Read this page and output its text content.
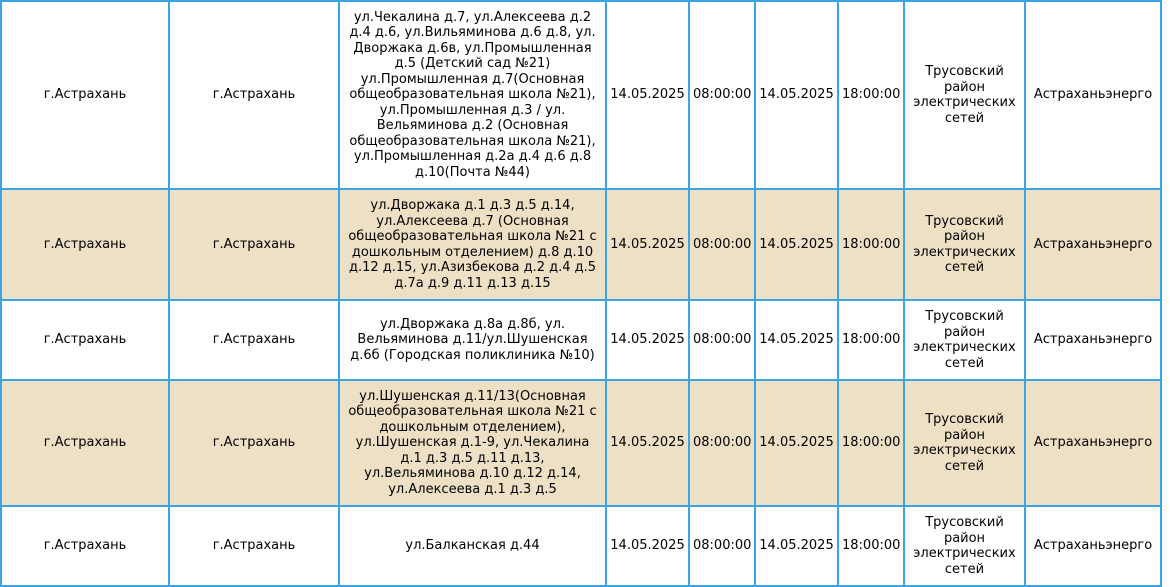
г.Астрахань	г.Астрахань	ул.Чекалина д.7, ул.Алексеева д.2 д.4 д.6, ул.Вильяминова д.6 д.8, ул. Дворжака д.6в, ул.Промышленная д.5 (Детский сад №21) ул.Промышленная д.7(Основная общеобразовательная школа №21), ул.Промышленная д.3 / ул. Вельяминова д.2 (Основная общеобразовательная школа №21), ул.Промышленная д.2а д.4 д.6 д.8 д.10(Почта №44)	14.05.2025	08:00:00	14.05.2025	18:00:00	Трусовский район электрических сетей	Астраханьэнерго
г.Астрахань	г.Астрахань	ул.Дворжака д.1 д.3 д.5 д.14, ул.Алексеева д.7 (Основная общеобразовательная школа №21 с дошкольным отделением) д.8 д.10 д.12 д.15, ул.Азизбекова д.2 д.4 д.5 д.7а д.9 д.11 д.13 д.15	14.05.2025	08:00:00	14.05.2025	18:00:00	Трусовский район электрических сетей	Астраханьэнерго
г.Астрахань	г.Астрахань	ул.Дворжака д.8а д.8б, ул. Вельяминова д.11/ул.Шушенская д.6б (Городская поликлиника №10)	14.05.2025	08:00:00	14.05.2025	18:00:00	Трусовский район электрических сетей	Астраханьэнерго
г.Астрахань	г.Астрахань	ул.Шушенская д.11/13(Основная общеобразовательная школа №21 с дошкольным отделением), ул.Шушенская д.1-9, ул.Чекалина д.1 д.3 д.5 д.11 д.13, ул.Вельяминова д.10 д.12 д.14, ул.Алексеева д.1 д.3 д.5	14.05.2025	08:00:00	14.05.2025	18:00:00	Трусовский район электрических сетей	Астраханьэнерго
г.Астрахань	г.Астрахань	ул.Балканская д.44	14.05.2025	08:00:00	14.05.2025	18:00:00	Трусовский район электрических сетей	Астраханьэнерго
